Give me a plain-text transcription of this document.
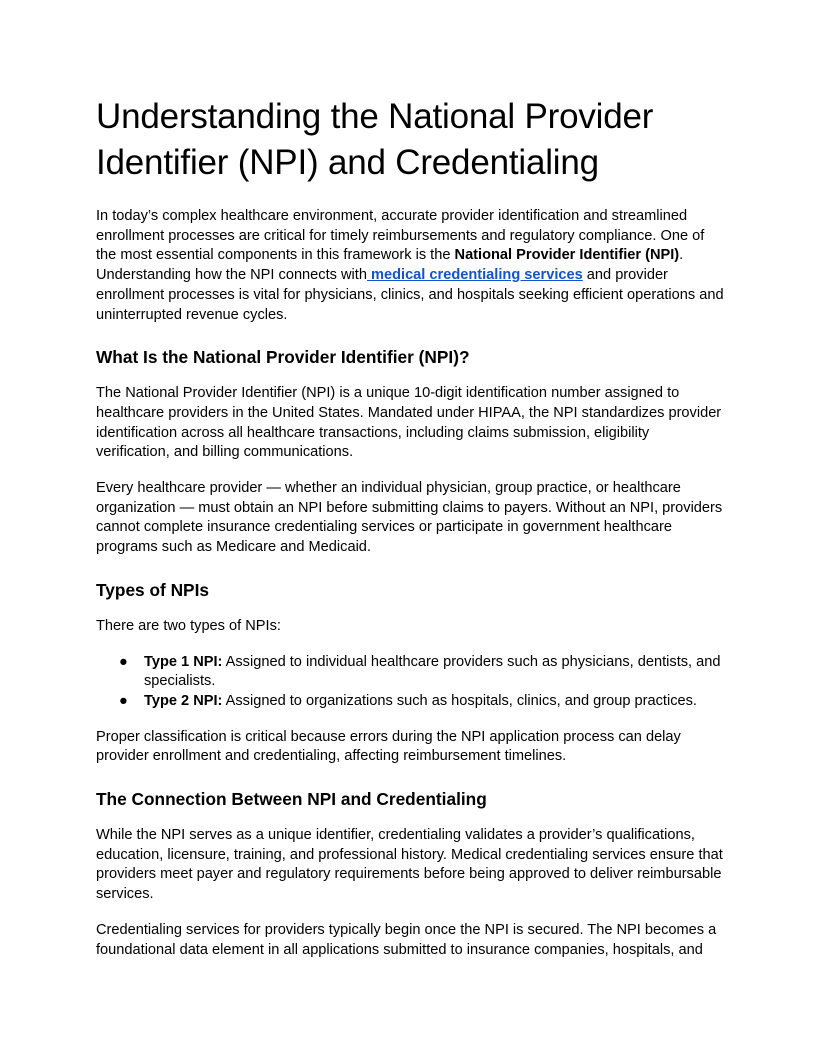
Understanding the National Provider Identifier (NPI) and Credentialing

In today’s complex healthcare environment, accurate provider identification and streamlined enrollment processes are critical for timely reimbursements and regulatory compliance. One of the most essential components in this framework is the National Provider Identifier (NPI). Understanding how the NPI connects with medical credentialing services and provider enrollment processes is vital for physicians, clinics, and hospitals seeking efficient operations and uninterrupted revenue cycles.

What Is the National Provider Identifier (NPI)?

The National Provider Identifier (NPI) is a unique 10-digit identification number assigned to healthcare providers in the United States. Mandated under HIPAA, the NPI standardizes provider identification across all healthcare transactions, including claims submission, eligibility verification, and billing communications.

Every healthcare provider — whether an individual physician, group practice, or healthcare organization — must obtain an NPI before submitting claims to payers. Without an NPI, providers cannot complete insurance credentialing services or participate in government healthcare programs such as Medicare and Medicaid.

Types of NPIs

There are two types of NPIs:

● Type 1 NPI: Assigned to individual healthcare providers such as physicians, dentists, and specialists.
● Type 2 NPI: Assigned to organizations such as hospitals, clinics, and group practices.

Proper classification is critical because errors during the NPI application process can delay provider enrollment and credentialing, affecting reimbursement timelines.

The Connection Between NPI and Credentialing

While the NPI serves as a unique identifier, credentialing validates a provider’s qualifications, education, licensure, training, and professional history. Medical credentialing services ensure that providers meet payer and regulatory requirements before being approved to deliver reimbursable services.

Credentialing services for providers typically begin once the NPI is secured. The NPI becomes a foundational data element in all applications submitted to insurance companies, hospitals, and
